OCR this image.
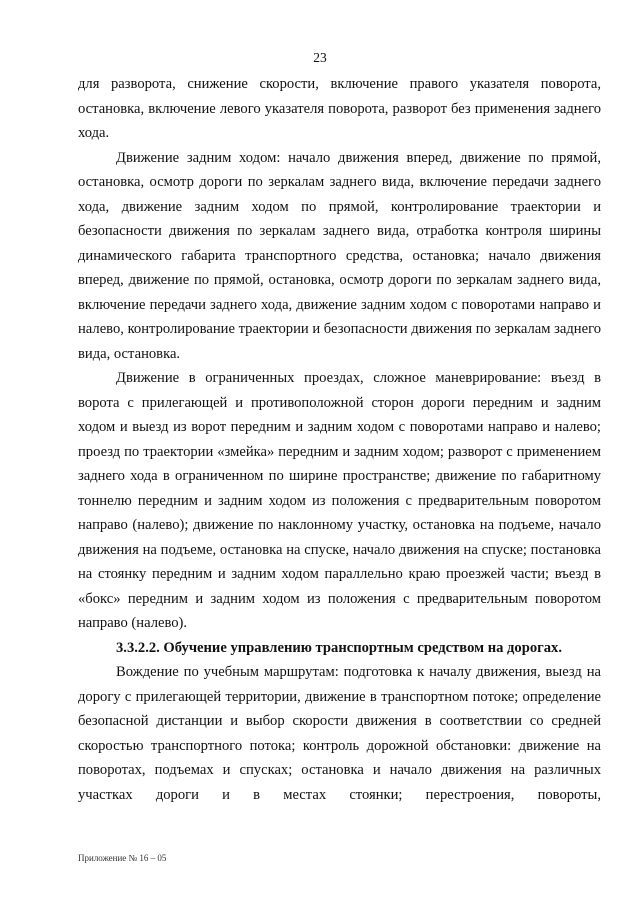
23

для разворота, снижение скорости, включение правого указателя поворота, остановка, включение левого указателя поворота, разворот без применения заднего хода.

Движение задним ходом: начало движения вперед, движение по прямой, остановка, осмотр дороги по зеркалам заднего вида, включение передачи заднего хода, движение задним ходом по прямой, контролирование траектории и безопасности движения по зеркалам заднего вида, отработка контроля ширины динамического габарита транспортного средства, остановка; начало движения вперед, движение по прямой, остановка, осмотр дороги по зеркалам заднего вида, включение передачи заднего хода, движение задним ходом с поворотами направо и налево, контролирование траектории и безопасности движения по зеркалам заднего вида, остановка.

Движение в ограниченных проездах, сложное маневрирование: въезд в ворота с прилегающей и противоположной сторон дороги передним и задним ходом и выезд из ворот передним и задним ходом с поворотами направо и налево; проезд по траектории «змейка» передним и задним ходом; разворот с применением заднего хода в ограниченном по ширине пространстве; движение по габаритному тоннелю передним и задним ходом из положения с предварительным поворотом направо (налево); движение по наклонному участку, остановка на подъеме, начало движения на подъеме, остановка на спуске, начало движения на спуске; постановка на стоянку передним и задним ходом параллельно краю проезжей части; въезд в «бокс» передним и задним ходом из положения с предварительным поворотом направо (налево).

3.3.2.2. Обучение управлению транспортным средством на дорогах.

Вождение по учебным маршрутам: подготовка к началу движения, выезд на дорогу с прилегающей территории, движение в транспортном потоке; определение безопасной дистанции и выбор скорости движения в соответствии со средней скоростью транспортного потока; контроль дорожной обстановки: движение на поворотах, подъемах и спусках; остановка и начало движения на различных участках дороги и в местах стоянки; перестроения, повороты,

Приложение № 16 – 05
